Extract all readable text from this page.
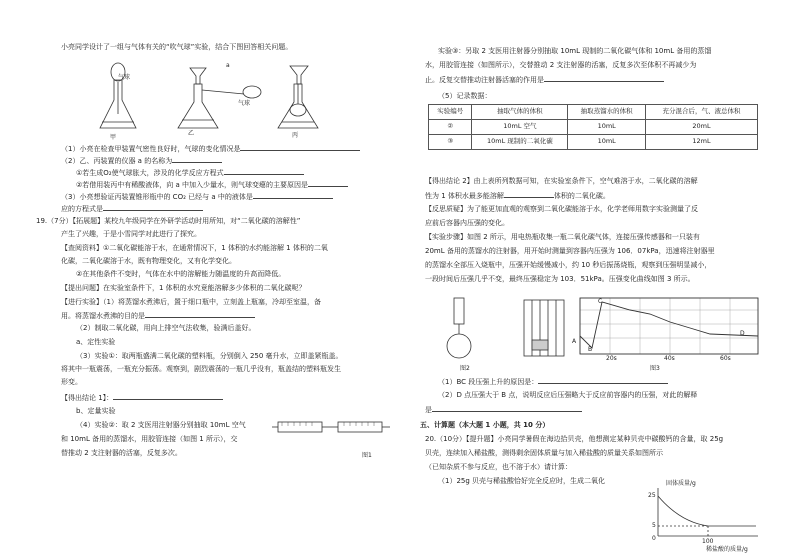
小亮同学设计了一组与气体有关的“吹气球”实验，结合下图回答相关问题。
气球
a
气球
甲
乙	丙
（1）小亮在检查甲装置气密性良好时，气球的变化情况是
（2）乙、丙装置的仪器 a 的名称为
①若生成O₂使气球胀大，涉及的化学反应方程式
②若借用装丙中有稀酸液体，向 a 中加入少量水，则气球变瘪的主要原因是
（3）小亮想验证丙装置锥形瓶中的 CO₂ 已经与 a 中的液体是
应的方程式是
19.（7分）【拓展题】某校九年级同学在外研学活动时用所知，对“二氧化碳的溶解性”
产生了兴趣，于是小雪同学对此进行了探究。
【查阅资料】①二氧化碳能溶于水，在通常情况下，1 体积的水约能溶解 1 体积的二氧
化碳，二氧化碳溶于水，既有物理变化，又有化学变化。
②在其他条件不变时，气体在水中的溶解能力随温度的升高而降低。
【提出问题】在实验室条件下，1 体积的水究竟能溶解多少体积的二氧化碳呢？
【进行实验】（1）将蒸馏水煮沸后，置于细口瓶中，立刻盖上瓶塞，冷却至室温，备
用。将蒸馏水煮沸的目的是
（2）制取二氧化碳，用向上排空气法收集，验满后盖好。
a、定性实验
（3）实验①：取两瓶盛满二氧化碳的塑料瓶，分别倒入 250 毫升水，立即盖紧瓶盖。
将其中一瓶震荡，一瓶充分振荡。观察到，剧烈震荡的一瓶几乎没有，瓶盖结的塑料瓶发生
形变。
【得出结论 1】：
b、定量实验
（4）实验②：取 2 支医用注射器分别抽取 10mL 空气
和 10mL 备用的蒸馏水，用胶管连接（如图 1 所示），交
替推动 2 支注射器的活塞，反复多次。	图1
实验③：另取 2 支医用注射器分别抽取 10mL 现制的二氧化碳气体和 10mL 备用的蒸馏
水，用胶管连接（如图所示），交替推动 2 支注射器的活塞，反复多次至体积不再减少为
止。反复交替推动注射器活塞的作用是
（5）记录数据：
实验编号	抽取气体的体积	抽取蒸馏水的体积	充分混合后，气、液总体积
②	10mL 空气	10mL	20mL
③	10mL 现制的二氧化碳	10mL	12mL
【得出结论 2】由上表所列数据可知，在实验室条件下，空气难溶于水，二氧化碳的溶解
性为 1 体积水最多能溶解	体积的二氧化碳。
【反思质疑】为了能更加直观的观察到二氧化碳能溶于水，化学老师用数字实验测量了反
应前后容器内压强的变化。
【实验步骤】如图 2 所示，用电热瓶收集一瓶二氧化碳气体，连接压强传感器和一只装有
20mL 备用的蒸馏水的注射器，用开始时测量到容器内压强为 106．07kPa，迅速将注射器里
的蒸馏水全部压入烧瓶中，压强开始缓慢减小，约 10 秒后振荡烧瓶，观察到压强明显减小，
一段时间后压强几乎不变，最终压强稳定为 103．51kPa。压强变化曲线如图 3 所示。
图2
A
B
C
D
20s	40s	60s
图3
（1）BC 段压强上升的原因是：
（2）D 点压强大于 B 点，说明反应后压强略大于反应前容器内的压强，对此的解释
是
五、计算题（本大题 1 小题，共 10 分）
20.（10分）【提升题】小亮同学暑假在海边拾贝壳，他想测定某种贝壳中碳酸钙的含量，取 25g
贝壳，连续加入稀盐酸，测得剩余固体质量与加入稀盐酸的质量关系如图所示
（已知杂质不参与反应，也不溶于水）请计算：
（1）25g 贝壳与稀盐酸恰好完全反应时，生成二氧化	固体质量/g
25
5
0	100
稀盐酸的质量/g
